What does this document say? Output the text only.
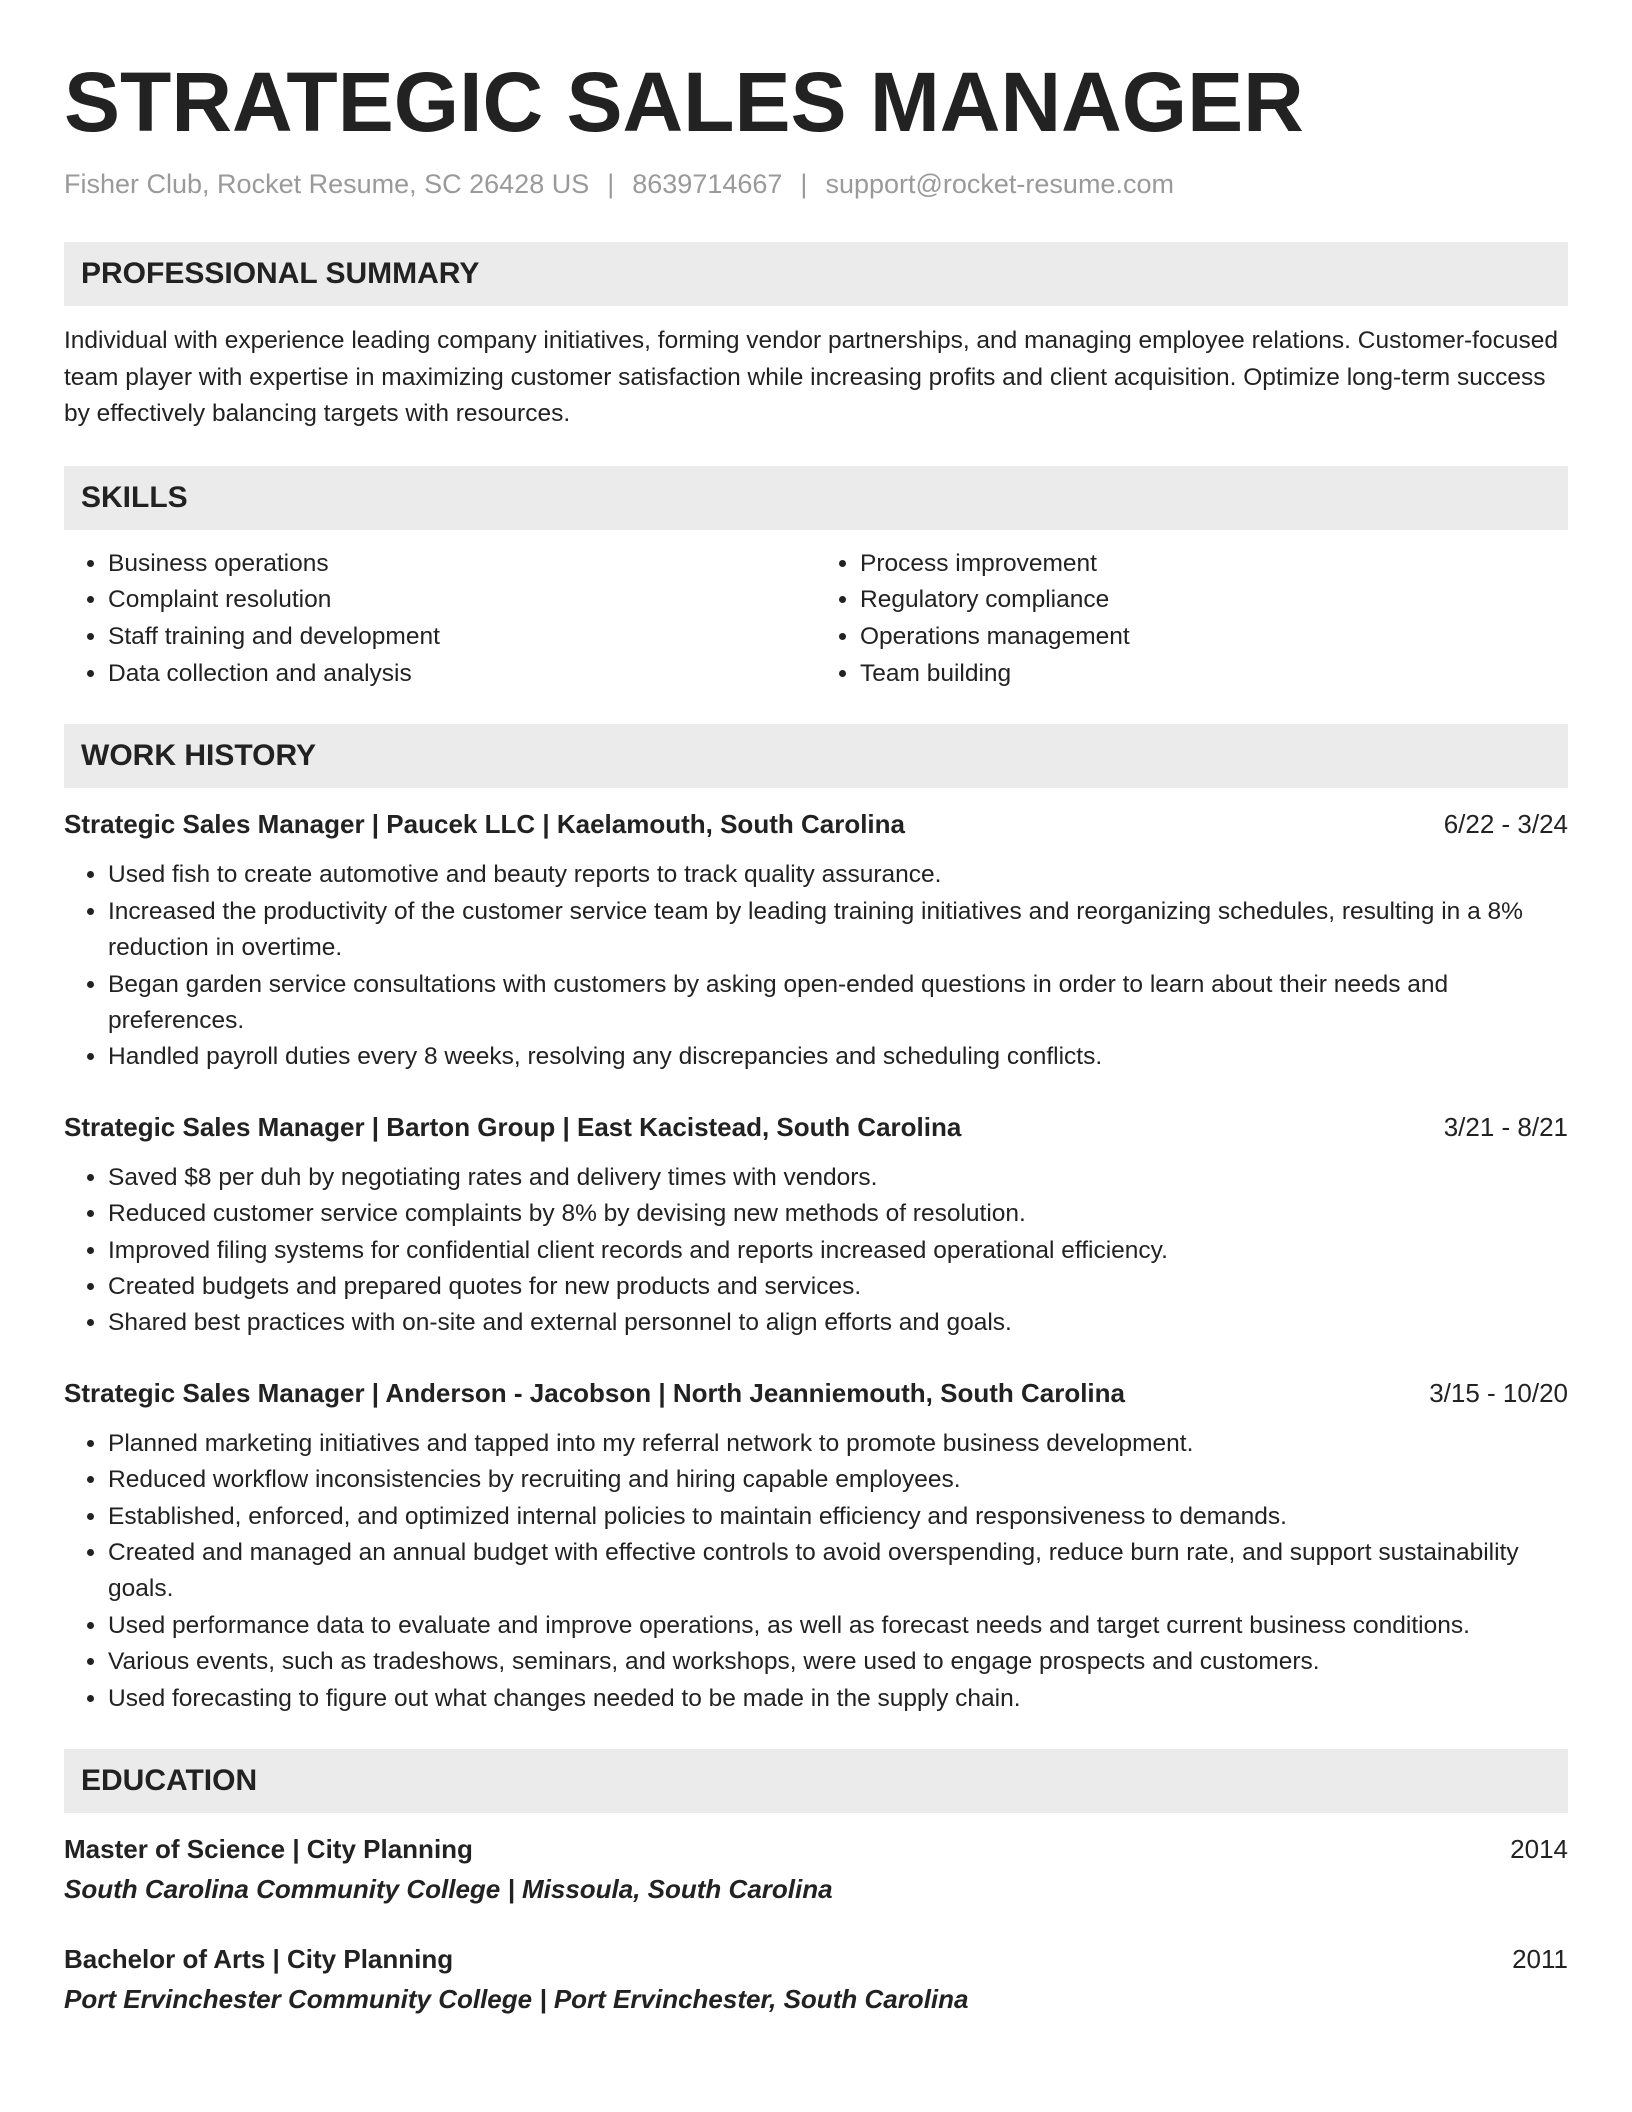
STRATEGIC SALES MANAGER
Fisher Club, Rocket Resume, SC 26428 US | 8639714667 | support@rocket-resume.com
PROFESSIONAL SUMMARY

Individual with experience leading company initiatives, forming vendor partnerships, and managing employee relations. Customer-focused team player with expertise in maximizing customer satisfaction while increasing profits and client acquisition. Optimize long-term success by effectively balancing targets with resources.

SKILLS
• Business operations
• Complaint resolution
• Staff training and development
• Data collection and analysis
• Process improvement
• Regulatory compliance
• Operations management
• Team building
WORK HISTORY
Strategic Sales Manager | Paucek LLC | Kaelamouth, South Carolina	6/22 - 3/24
• Used fish to create automotive and beauty reports to track quality assurance.
• Increased the productivity of the customer service team by leading training initiatives and reorganizing schedules, resulting in a 8% reduction in overtime.
• Began garden service consultations with customers by asking open-ended questions in order to learn about their needs and preferences.
• Handled payroll duties every 8 weeks, resolving any discrepancies and scheduling conflicts.
Strategic Sales Manager | Barton Group | East Kacistead, South Carolina	3/21 - 8/21
• Saved $8 per duh by negotiating rates and delivery times with vendors.
• Reduced customer service complaints by 8% by devising new methods of resolution.
• Improved filing systems for confidential client records and reports increased operational efficiency.
• Created budgets and prepared quotes for new products and services.
• Shared best practices with on-site and external personnel to align efforts and goals.
Strategic Sales Manager | Anderson - Jacobson | North Jeanniemouth, South Carolina	3/15 - 10/20
• Planned marketing initiatives and tapped into my referral network to promote business development.
• Reduced workflow inconsistencies by recruiting and hiring capable employees.
• Established, enforced, and optimized internal policies to maintain efficiency and responsiveness to demands.
• Created and managed an annual budget with effective controls to avoid overspending, reduce burn rate, and support sustainability goals.
• Used performance data to evaluate and improve operations, as well as forecast needs and target current business conditions.
• Various events, such as tradeshows, seminars, and workshops, were used to engage prospects and customers.
• Used forecasting to figure out what changes needed to be made in the supply chain.
EDUCATION
Master of Science | City Planning	2014
South Carolina Community College | Missoula, South Carolina
Bachelor of Arts | City Planning	2011
Port Ervinchester Community College | Port Ervinchester, South Carolina
